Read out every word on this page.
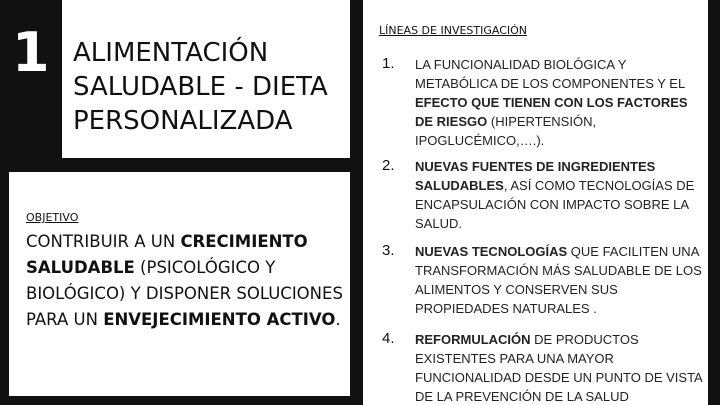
1 ALIMENTACIÓN
SALUDABLE - DIETA
PERSONALIZADA
OBJETIVO
CONTRIBUIR A UN CRECIMIENTO SALUDABLE (PSICOLÓGICO Y BIOLÓGICO) Y DISPONER SOLUCIONES PARA UN ENVEJECIMIENTO ACTIVO.
LÍNEAS DE INVESTIGACIÓN
1. LA FUNCIONALIDAD BIOLÓGICA Y METABÓLICA DE LOS COMPONENTES Y EL EFECTO QUE TIENEN CON LOS FACTORES DE RIESGO (HIPERTENSIÓN, IPOGLUCÉMICO,….).
2. NUEVAS FUENTES DE INGREDIENTES SALUDABLES, ASÍ COMO TECNOLOGÍAS DE ENCAPSULACIÓN CON IMPACTO SOBRE LA SALUD.
3. NUEVAS TECNOLOGÍAS QUE FACILITEN UNA TRANSFORMACIÓN MÁS SALUDABLE DE LOS ALIMENTOS Y CONSERVEN SUS PROPIEDADES NATURALES .
4. REFORMULACIÓN DE PRODUCTOS EXISTENTES PARA UNA MAYOR FUNCIONALIDAD DESDE UN PUNTO DE VISTA DE LA PREVENCIÓN DE LA SALUD
